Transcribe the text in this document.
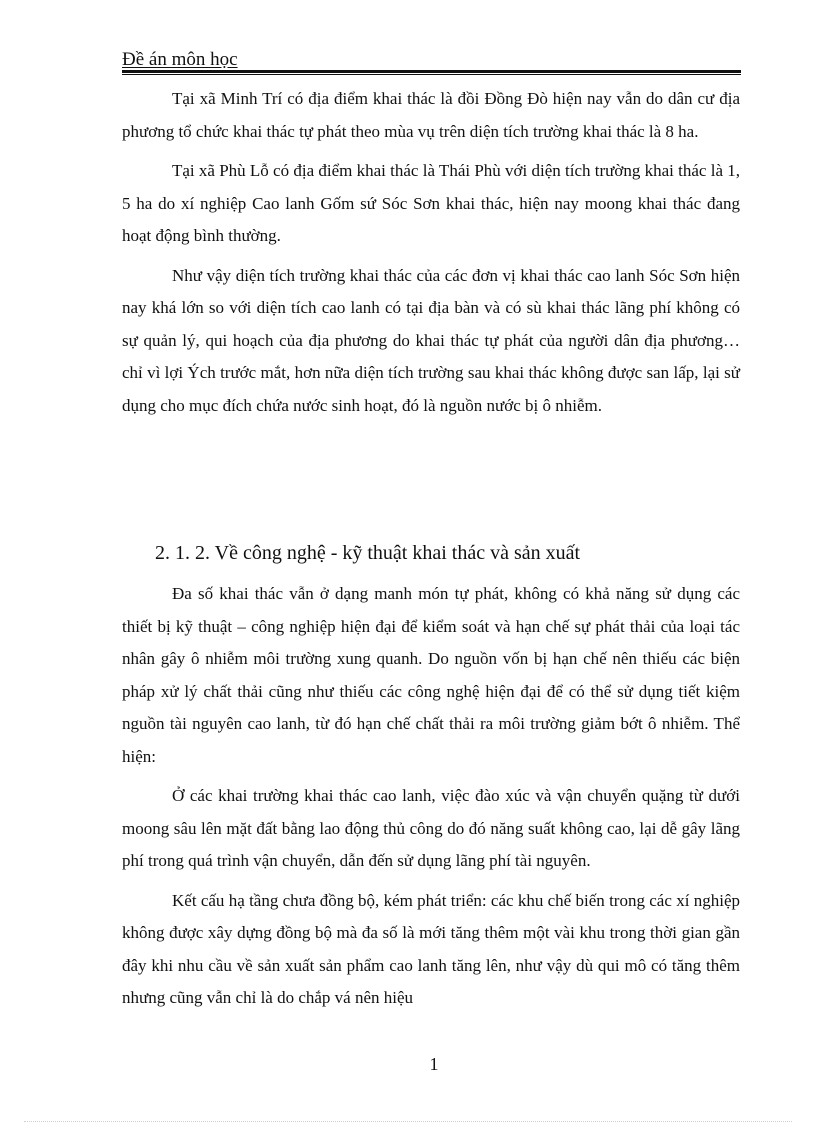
Đề án môn học

Tại xã Minh Trí có địa điểm khai thác là đồi Đồng Đò hiện nay vẫn do dân cư địa phương tổ chức khai thác tự phát theo mùa vụ trên diện tích trường khai thác là 8 ha.

Tại xã Phù Lỗ có địa điểm khai thác là Thái Phù với diện tích trường khai thác là 1, 5 ha do xí nghiệp Cao lanh Gốm sứ Sóc Sơn khai thác, hiện nay moong khai thác đang hoạt động bình thường.

Như vậy diện tích trường khai thác của các đơn vị khai thác cao lanh Sóc Sơn hiện nay khá lớn so với diện tích cao lanh có tại địa bàn và có sù khai thác lãng phí không có sự quản lý, qui hoạch của địa phương do khai thác tự phát của người dân địa phương… chỉ vì lợi Ých trước mắt, hơn nữa diện tích trường sau khai thác không được san lấp, lại sử dụng cho mục đích chứa nước sinh hoạt, đó là nguồn nước bị ô nhiễm.

2. 1. 2. Về công nghệ - kỹ thuật khai thác và sản xuất

Đa số khai thác vẫn ở dạng manh món tự phát, không có khả năng sử dụng các thiết bị kỹ thuật – công nghiệp hiện đại để kiểm soát và hạn chế sự phát thải của loại tác nhân gây ô nhiễm môi trường xung quanh. Do nguồn vốn bị hạn chế nên thiếu các biện pháp xử lý chất thải cũng như thiếu các công nghệ hiện đại để có thể sử dụng tiết kiệm nguồn tài nguyên cao lanh, từ đó hạn chế chất thải ra môi trường giảm bớt ô nhiễm. Thể hiện:

Ở các khai trường khai thác cao lanh, việc đào xúc và vận chuyển quặng từ dưới moong sâu lên mặt đất bằng lao động thủ công do đó năng suất không cao, lại dễ gây lãng phí trong quá trình vận chuyển, dẫn đến sử dụng lãng phí tài nguyên.

Kết cấu hạ tầng chưa đồng bộ, kém phát triển: các khu chế biến trong các xí nghiệp không được xây dựng đồng bộ mà đa số là mới tăng thêm một vài khu trong thời gian gần đây khi nhu cầu về sản xuất sản phẩm cao lanh tăng lên, như vậy dù qui mô có tăng thêm nhưng cũng vẫn chỉ là do chắp vá nên hiệu

1
